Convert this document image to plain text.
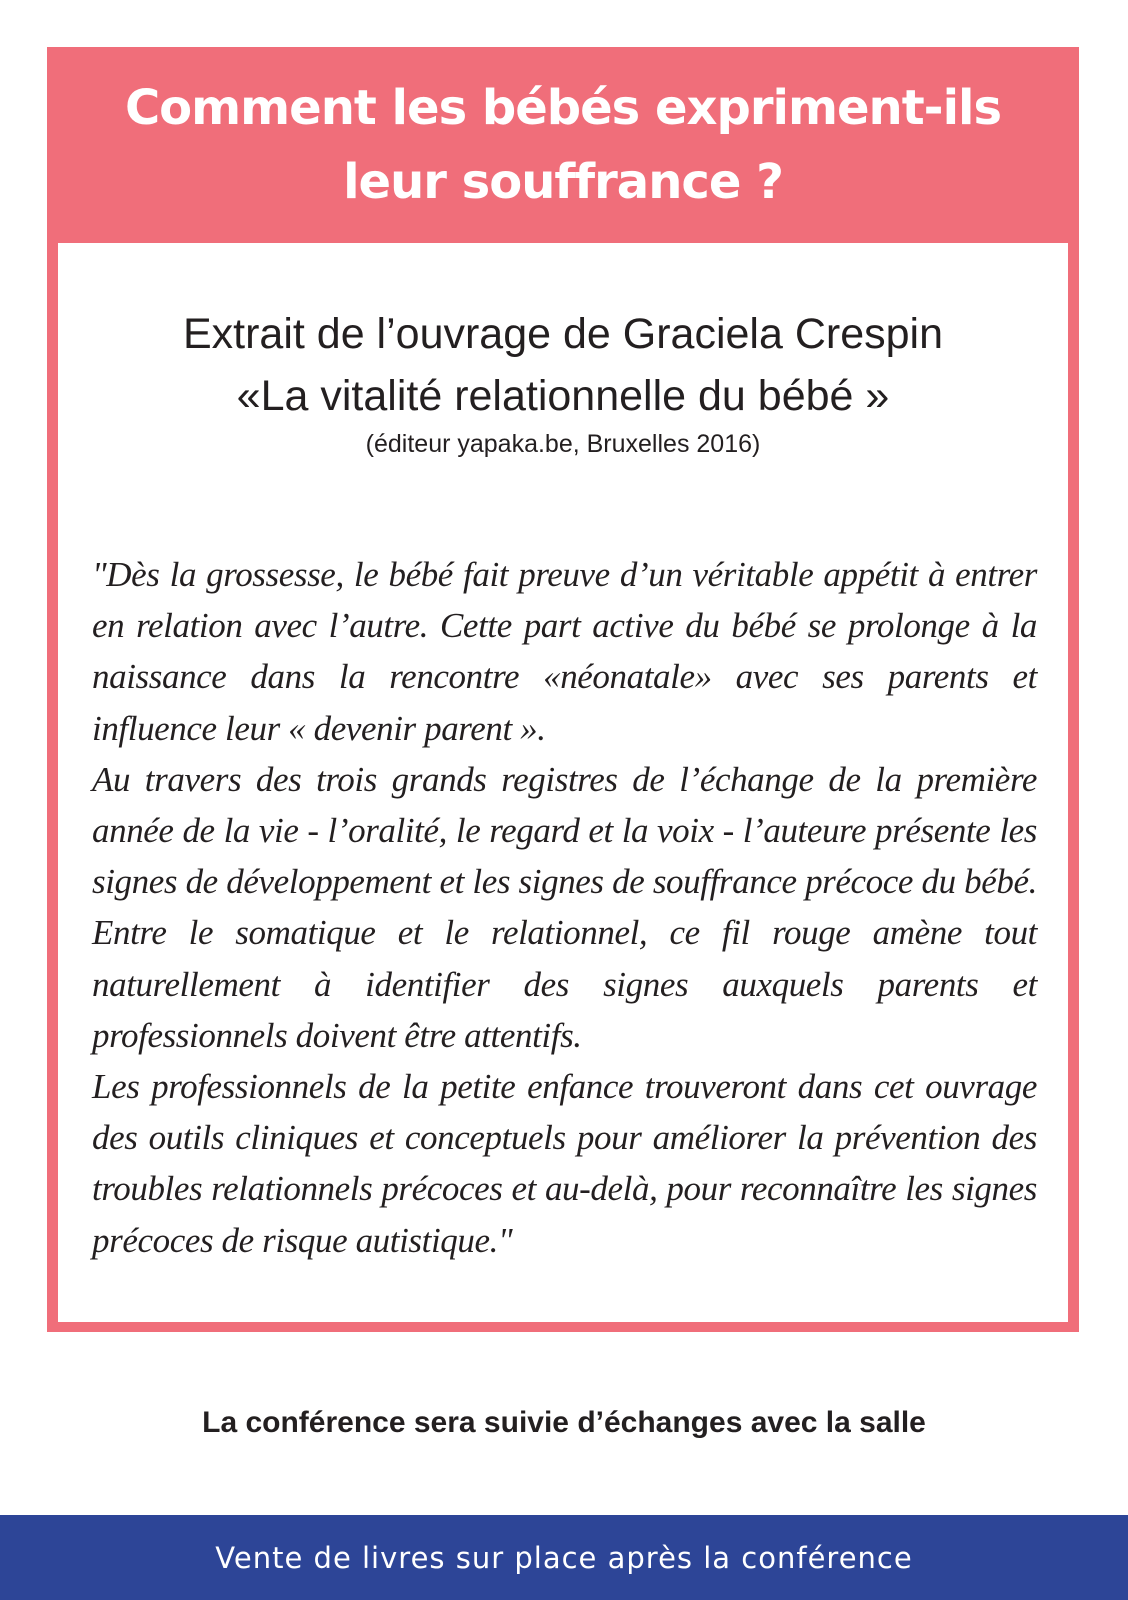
Comment les bébés expriment-ils
leur souffrance ?
Extrait de l’ouvrage de Graciela Crespin
«La vitalité relationnelle du bébé »
(éditeur yapaka.be, Bruxelles 2016)

"Dès la grossesse, le bébé fait preuve d’un véritable appétit à entrer en relation avec l’autre. Cette part active du bébé se prolonge à la naissance dans la rencontre «néonatale» avec ses parents et influence leur « devenir parent ».

Au travers des trois grands registres de l’échange de la première année de la vie - l’oralité, le regard et la voix - l’auteure présente les signes de développement et les signes de souffrance précoce du bébé. Entre le somatique et le relationnel, ce fil rouge amène tout naturellement à identifier des signes auxquels parents et professionnels doivent être attentifs.

Les professionnels de la petite enfance trouveront dans cet ouvrage des outils cliniques et conceptuels pour améliorer la prévention des troubles relationnels précoces et au-delà, pour reconnaître les signes précoces de risque autistique."

La conférence sera suivie d’échanges avec la salle
Vente de livres sur place après la conférence
